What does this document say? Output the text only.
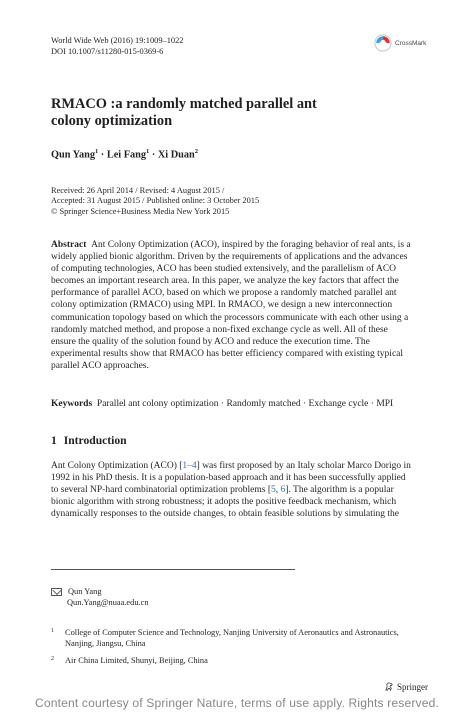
World Wide Web (2016) 19:1009–1022
DOI 10.1007/s11280-015-0369-6
CrossMark
RMACO :a randomly matched parallel ant
colony optimization
Qun Yang$^1$ · Lei Fang$^1$ · Xi Duan$^2$
Received: 26 April 2014 / Revised: 4 August 2015 /
Accepted: 31 August 2015 / Published online: 3 October 2015
© Springer Science+Business Media New York 2015
Abstract Ant Colony Optimization (ACO), inspired by the foraging behavior of real ants, is a
widely applied bionic algorithm. Driven by the requirements of applications and the advances
of computing technologies, ACO has been studied extensively, and the parallelism of ACO
becomes an important research area. In this paper, we analyze the key factors that affect the
performance of parallel ACO, based on which we propose a randomly matched parallel ant
colony optimization (RMACO) using MPI. In RMACO, we design a new interconnection
communication topology based on which the processors communicate with each other using a
randomly matched method, and propose a non-fixed exchange cycle as well. All of these
ensure the quality of the solution found by ACO and reduce the execution time. The
experimental results show that RMACO has better efficiency compared with existing typical
parallel ACO approaches.
Keywords Parallel ant colony optimization · Randomly matched · Exchange cycle · MPI
1 Introduction
Ant Colony Optimization (ACO) [1–4] was first proposed by an Italy scholar Marco Dorigo in
1992 in his PhD thesis. It is a population-based approach and it has been successfully applied
to several NP-hard combinatorial optimization problems [5, 6]. The algorithm is a popular
bionic algorithm with strong robustness; it adopts the positive feedback mechanism, which
dynamically responses to the outside changes, to obtain feasible solutions by simulating the
Qun Yang
Qun.Yang@nuaa.edu.cn
1 College of Computer Science and Technology, Nanjing University of Aeronautics and Astronautics,
Nanjing, Jiangsu, China
2 Air China Limited, Shunyi, Beijing, China
Springer
Content courtesy of Springer Nature, terms of use apply. Rights reserved.
